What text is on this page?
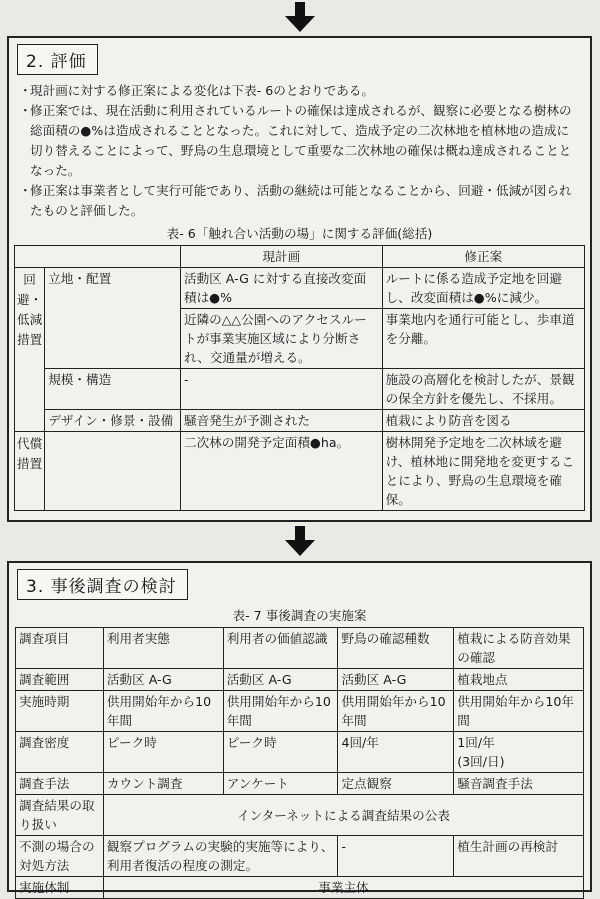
2. 評価
・現計画に対する修正案による変化は下表- 6のとおりである。
・修正案では、現在活動に利用されているルートの確保は達成されるが、観察に必要となる樹林の総面積の●%は造成されることとなった。これに対して、造成予定の二次林地を植林地の造成に切り替えることによって、野鳥の生息環境として重要な二次林地の確保は概ね達成されることとなった。
・修正案は事業者として実行可能であり、活動の継続は可能となることから、回避・低減が図られたものと評価した。
表- 6「触れ合い活動の場」に関する評価(総括)
		現計画	修正案
回避・低減措置	立地・配置	活動区 A-G に対する直接改変面積は●%	ルートに係る造成予定地を回避し、改変面積は●%に減少。
		近隣の△△公園へのアクセスルートが事業実施区域により分断され、交通量が増える。	事業地内を通行可能とし、歩車道を分離。
	規模・構造	-	施設の高層化を検討したが、景観の保全方針を優先し、不採用。
	デザイン・修景・設備	騒音発生が予測された	植栽により防音を図る
代償措置		二次林の開発予定面積●ha。	樹林開発予定地を二次林域を避け、植林地に開発地を変更することにより、野鳥の生息環境を確保。
3. 事後調査の検討
表- 7 事後調査の実施案
調査項目	利用者実態	利用者の価値認識	野鳥の確認種数	植栽による防音効果の確認
調査範囲	活動区 A-G	活動区 A-G	活動区 A-G	植栽地点
実施時期	供用開始年から10年間	供用開始年から10年間	供用開始年から10年間	供用開始年から10年間
調査密度	ピーク時	ピーク時	4回/年	1回/年
(3回/日)
調査手法	カウント調査	アンケート	定点観察	騒音調査手法
調査結果の取り扱い	インターネットによる調査結果の公表			
不測の場合の対処方法	観察プログラムの実験的実施等により、利用者復活の程度の測定。		-	植生計画の再検討
実施体制	事業主体			
